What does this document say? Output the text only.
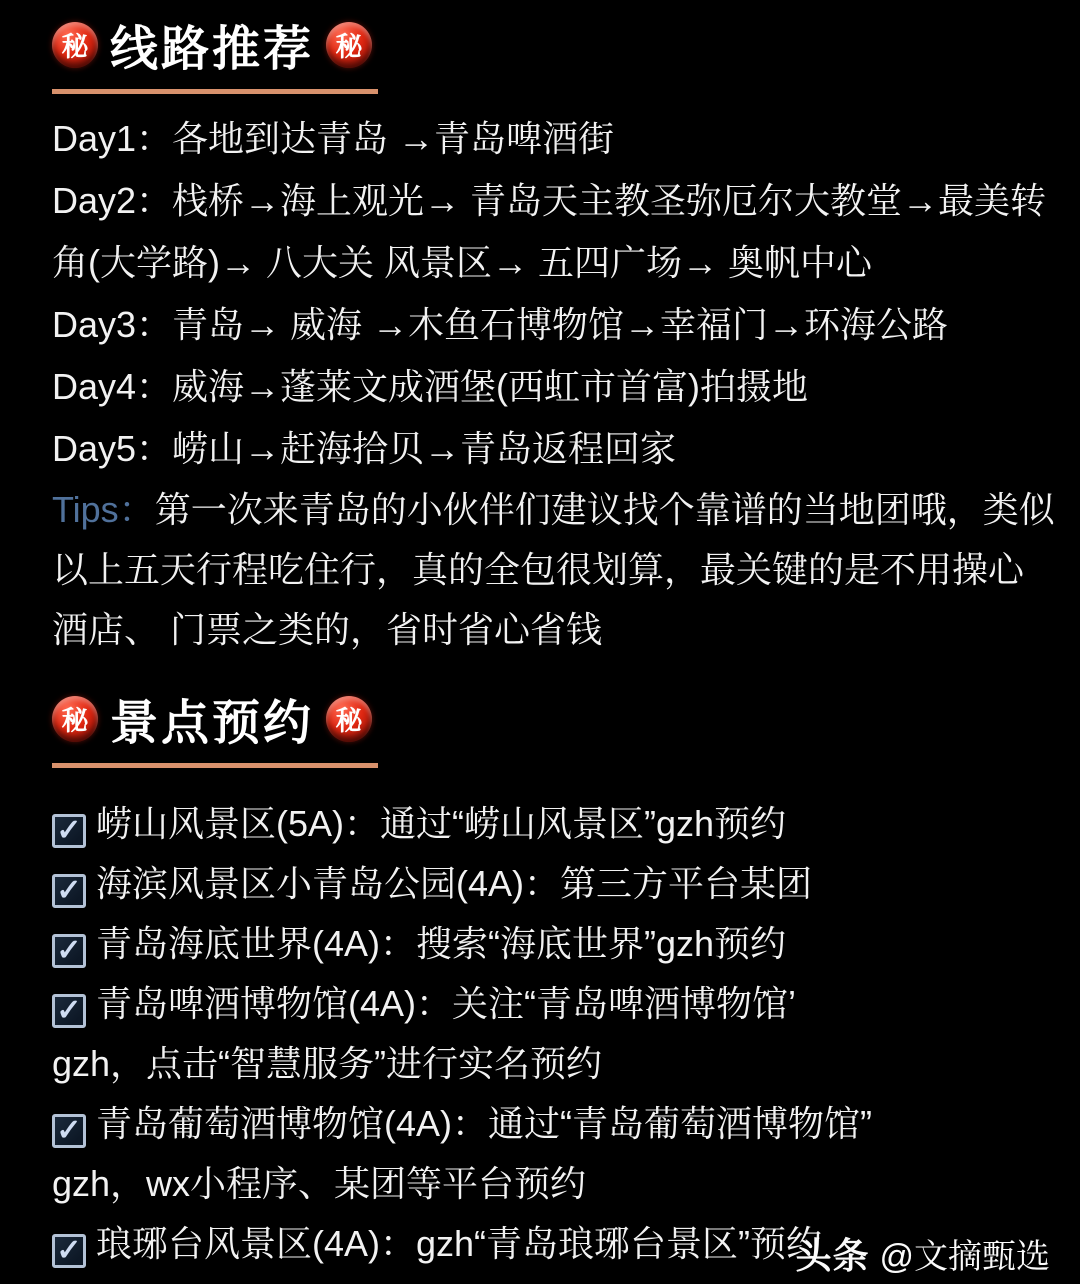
秘 线路推荐 秘
Day1：各地到达青岛 →青岛啤酒街
Day2：栈桥→海上观光→ 青岛天主教圣弥厄尔大教堂→最美转
角(大学路)→ 八大关 风景区→ 五四广场→ 奥帆中心
Day3：青岛→ 威海 →木鱼石博物馆→幸福门→环海公路
Day4：威海→蓬莱文成酒堡(西虹市首富)拍摄地
Day5：崂山→赶海拾贝→青岛返程回家
Tips：第一次来青岛的小伙伴们建议找个靠谱的当地团哦，类似
以上五天行程吃住行，真的全包很划算，最关键的是不用操心
酒店、 门票之类的，省时省心省钱
秘 景点预约 秘
✓ 崂山风景区(5A)：通过“崂山风景区”gzh预约
✓ 海滨风景区小青岛公园(4A)：第三方平台某团
✓ 青岛海底世界(4A)：搜索“海底世界”gzh预约
✓ 青岛啤酒博物馆(4A)：关注“青岛啤酒博物馆’
gzh，点击“智慧服务”进行实名预约
✓ 青岛葡萄酒博物馆(4A)：通过“青岛葡萄酒博物馆”
gzh，wx小程序、某团等平台预约
✓ 琅琊台风景区(4A)：gzh“青岛琅琊台景区”预约
头条 @文摘甄选
